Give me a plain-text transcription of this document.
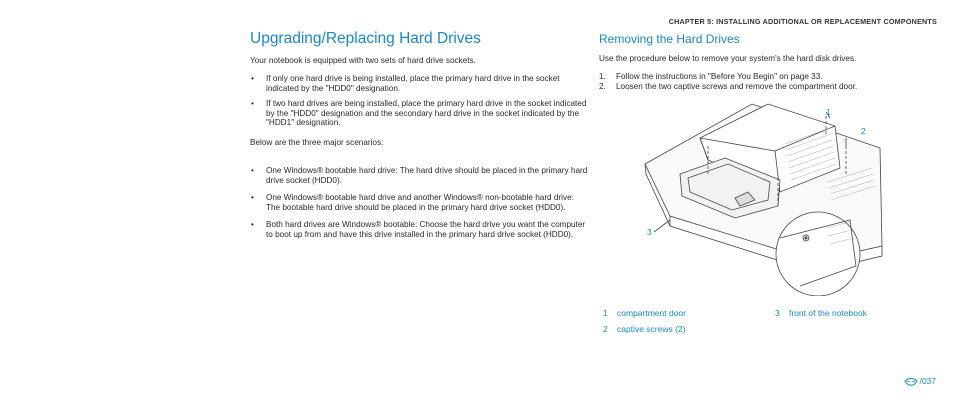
CHAPTER 5: INSTALLING ADDITIONAL OR REPLACEMENT COMPONENTS
Upgrading/Replacing Hard Drives

Your notebook is equipped with two sets of hard drive sockets.

• If only one hard drive is being installed, place the primary hard drive in the socket indicated by the "HDD0" designation.
• If two hard drives are being installed, place the primary hard drive in the socket indicated by the "HDD0" designation and the secondary hard drive in the socket indicated by the "HDD1" designation.

Below are the three major scenarios:

• One Windows® bootable hard drive: The hard drive should be placed in the primary hard drive socket (HDD0).
• One Windows® bootable hard drive and another Windows® non-bootable hard drive: The bootable hard drive should be placed in the primary hard drive socket (HDD0).
• Both hard drives are Windows® bootable: Choose the hard drive you want the computer to boot up from and have this drive installed in the primary hard drive socket (HDD0).
Removing the Hard Drives

Use the procedure below to remove your system's the hard disk drives.

1. Follow the instructions in "Before You Begin" on page 33.
2. Loosen the two captive screws and remove the compartment door.
1
2
3
1 compartment door
2 captive screws (2)
3 front of the notebook
/037
